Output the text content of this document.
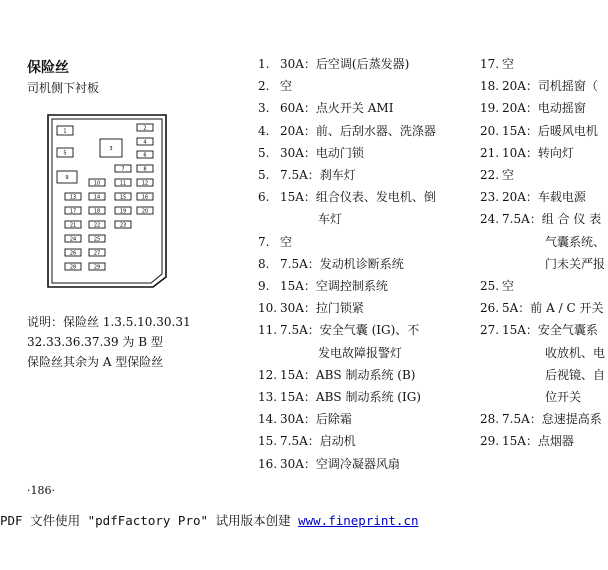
保险丝
司机侧下衬板
1	2
3
4
5	6
7	8
9
10	11	12
13	14	15	16
17	18	19	20
21	22	23
24	25
26	27
28	29
说明：保险丝 1.3.5.10.30.31
32.33.36.37.39 为 B 型
保险丝其余为 A 型保险丝
1. 30A：后空调(后蒸发器)
2. 空
3. 60A：点火开关 AMI
4. 20A：前、后刮水器、洗涤器
5. 30A：电动门锁
5. 7.5A：刹车灯
6. 15A：组合仪表、发电机、倒
车灯
7. 空
8. 7.5A：发动机诊断系统
9. 15A：空调控制系统
10. 30A：拉门锁紧
11. 7.5A：安全气囊 (IG)、不
发电故障报警灯
12. 15A：ABS 制动系统 (B)
13. 15A：ABS 制动系统 (IG)
14. 30A：后除霜
15. 7.5A：启动机
16. 30A：空调冷凝器风扇
17. 空
18. 20A：司机摇窗（
19. 20A：电动摇窗
20. 15A：后暖风电机
21. 10A：转向灯
22. 空
23. 20A：车载电源
24. 7.5A：组 合 仪 表
气囊系统、
门未关严报
25. 空
26. 5A：前 A / C 开关
27. 15A：安全气囊系
收放机、电
后视镜、自
位开关
28. 7.5A：怠速提高系
29. 15A：点烟器
·186·
PDF 文件使用 "pdfFactory Pro" 试用版本创建 www.fineprint.cn
